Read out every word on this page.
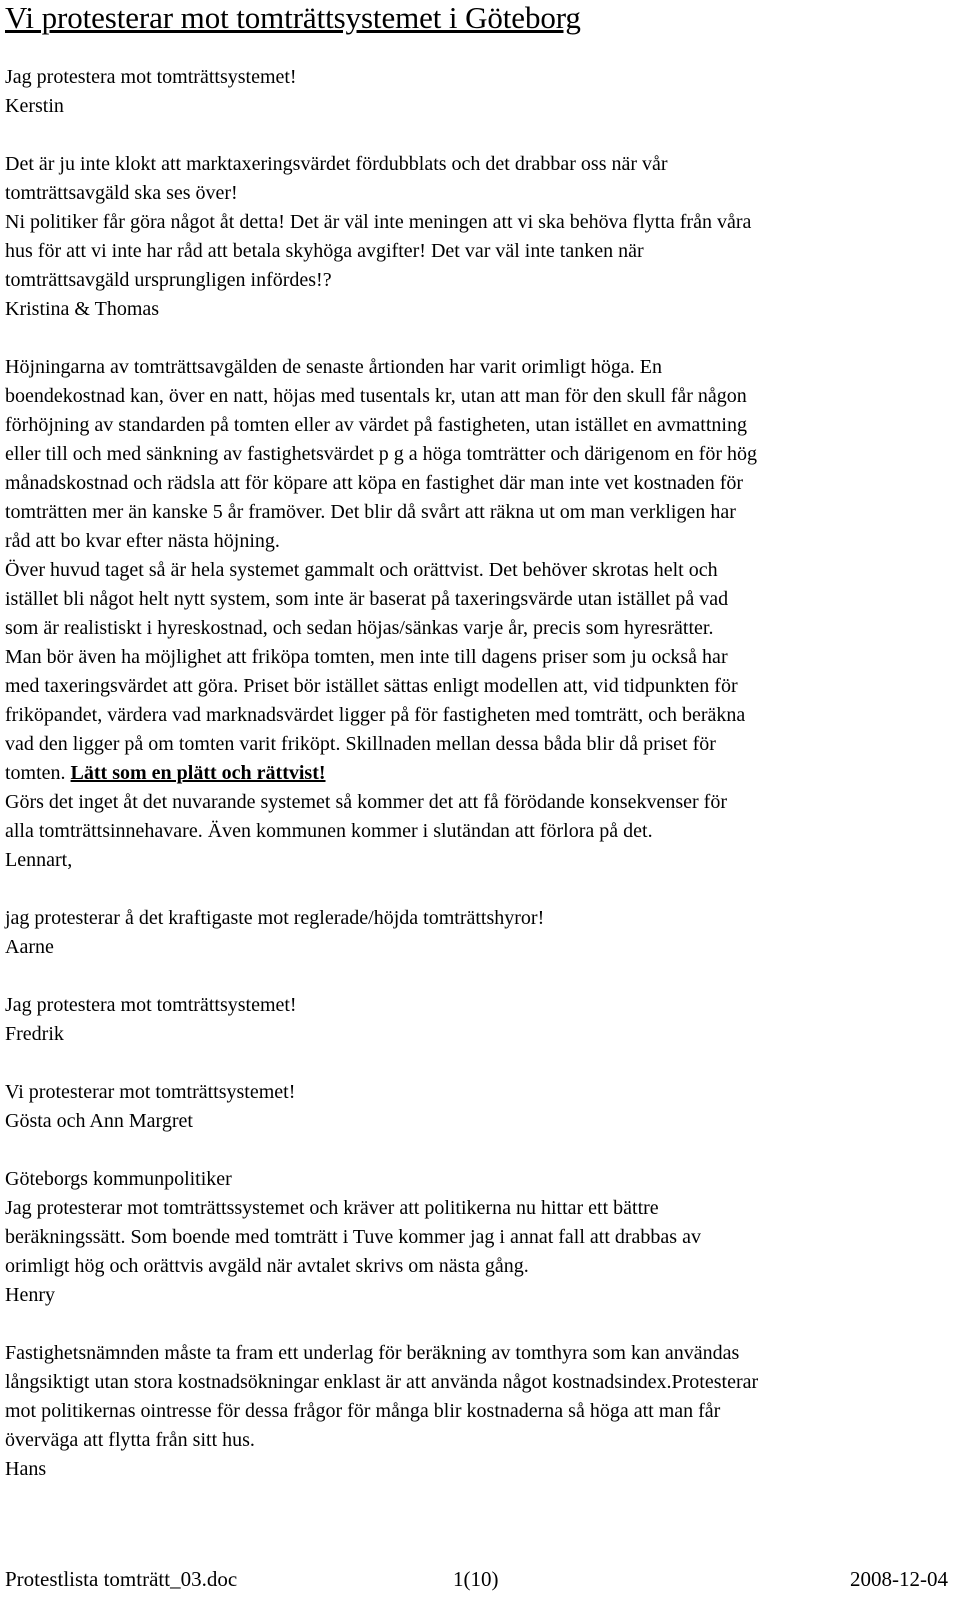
Vi protesterar mot tomträttsystemet i Göteborg

Jag protestera mot tomträttsystemet!

Kerstin

Det är ju inte klokt att marktaxeringsvärdet fördubblats och det drabbar oss när vår

tomträttsavgäld ska ses över!

Ni politiker får göra något åt detta! Det är väl inte meningen att vi ska behöva flytta från våra

hus för att vi inte har råd att betala skyhöga avgifter! Det var väl inte tanken när

tomträttsavgäld ursprungligen infördes!?

Kristina & Thomas

Höjningarna av tomträttsavgälden de senaste årtionden har varit orimligt höga. En

boendekostnad kan, över en natt, höjas med tusentals kr, utan att man för den skull får någon

förhöjning av standarden på tomten eller av värdet på fastigheten, utan istället en avmattning

eller till och med sänkning av fastighetsvärdet p g a höga tomträtter och därigenom en för hög

månadskostnad och rädsla att för köpare att köpa en fastighet där man inte vet kostnaden för

tomträtten mer än kanske 5 år framöver. Det blir då svårt att räkna ut om man verkligen har

råd att bo kvar efter nästa höjning.

Över huvud taget så är hela systemet gammalt och orättvist. Det behöver skrotas helt och

istället bli något helt nytt system, som inte är baserat på taxeringsvärde utan istället på vad

som är realistiskt i hyreskostnad, och sedan höjas/sänkas varje år, precis som hyresrätter.

Man bör även ha möjlighet att friköpa tomten, men inte till dagens priser som ju också har

med taxeringsvärdet att göra. Priset bör istället sättas enligt modellen att, vid tidpunkten för

friköpandet, värdera vad marknadsvärdet ligger på för fastigheten med tomträtt, och beräkna

vad den ligger på om tomten varit friköpt. Skillnaden mellan dessa båda blir då priset för

tomten. Lätt som en plätt och rättvist!

Görs det inget åt det nuvarande systemet så kommer det att få förödande konsekvenser för

alla tomträttsinnehavare. Även kommunen kommer i slutändan att förlora på det.

Lennart,

jag protesterar å det kraftigaste mot reglerade/höjda tomträttshyror!

Aarne

Jag protestera mot tomträttsystemet!

Fredrik

Vi protesterar mot tomträttsystemet!

Gösta och Ann Margret

Göteborgs kommunpolitiker

Jag protesterar mot tomträttssystemet och kräver att politikerna nu hittar ett bättre

beräkningssätt. Som boende med tomträtt i Tuve kommer jag i annat fall att drabbas av

orimligt hög och orättvis avgäld när avtalet skrivs om nästa gång.

Henry

Fastighetsnämnden måste ta fram ett underlag för beräkning av tomthyra som kan användas

långsiktigt utan stora kostnadsökningar enklast är att använda något kostnadsindex.Protesterar

mot politikernas ointresse för dessa frågor för många blir kostnaderna så höga att man får

överväga att flytta från sitt hus.

Hans

Protestlista tomträtt_03.doc	1(10)	2008-12-04
